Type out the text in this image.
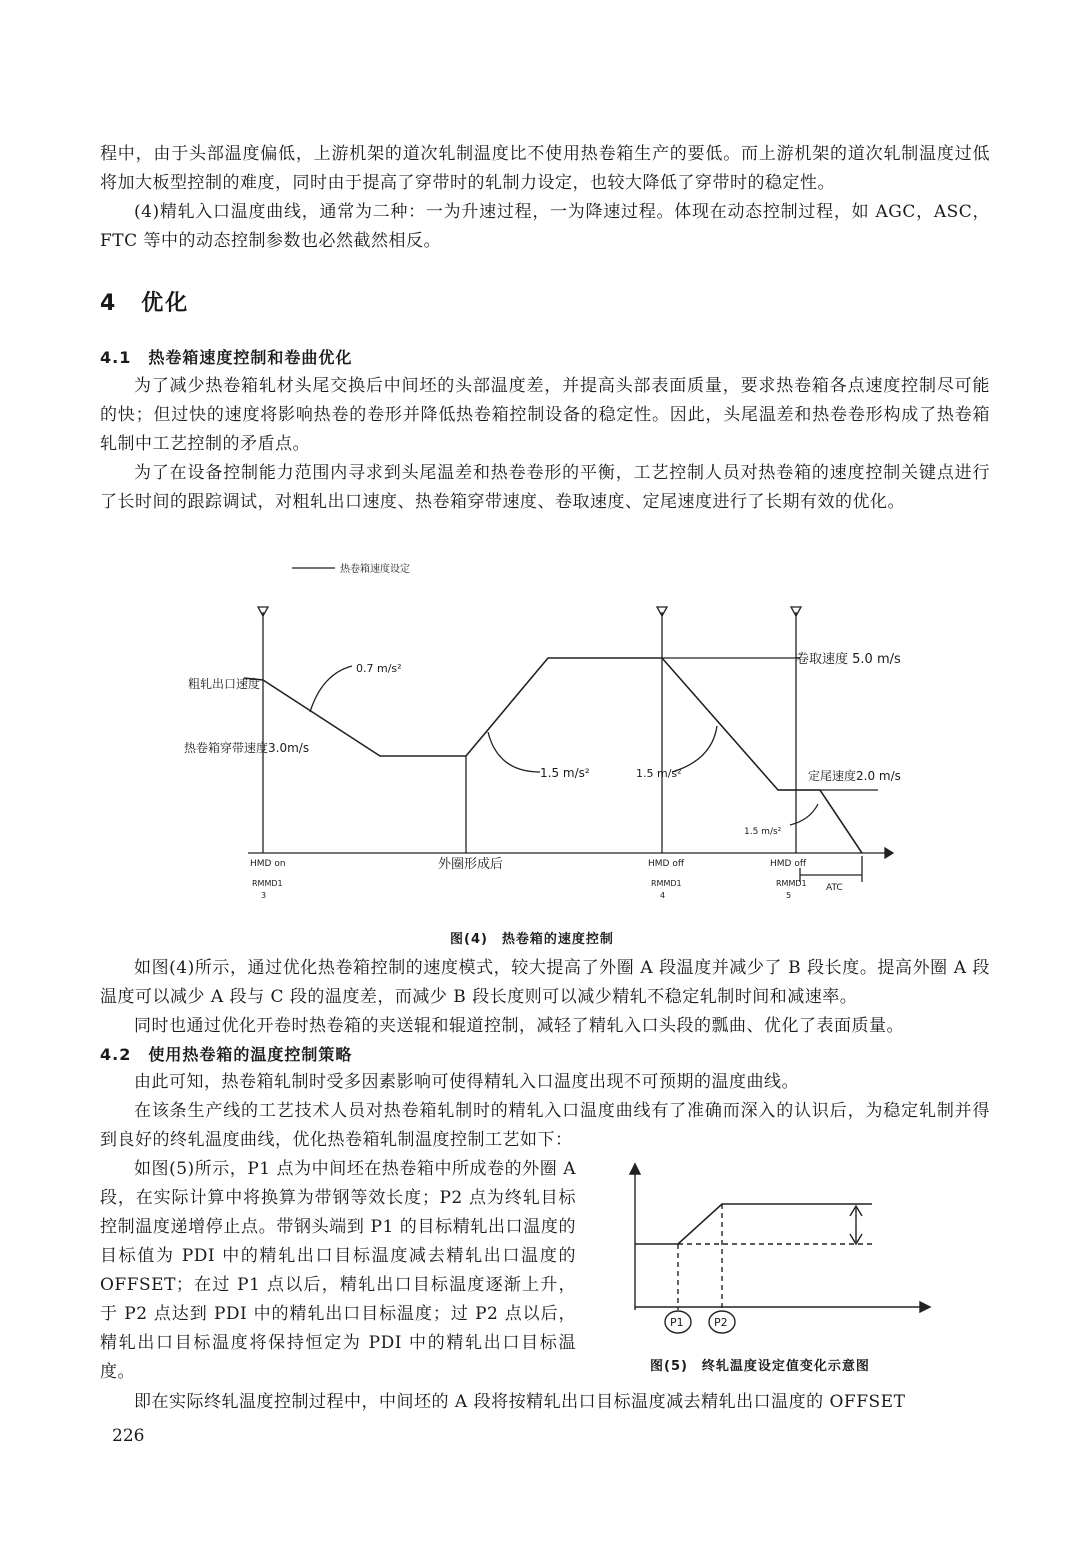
程中，由于头部温度偏低，上游机架的道次轧制温度比不使用热卷箱生产的要低。而上游机架的道次轧制温度过低将加大板型控制的难度，同时由于提高了穿带时的轧制力设定，也较大降低了穿带时的稳定性。
(4)精轧入口温度曲线，通常为二种：一为升速过程，一为降速过程。体现在动态控制过程，如 AGC，ASC，FTC 等中的动态控制参数也必然截然相反。
4　优化
4.1　热卷箱速度控制和卷曲优化
为了减少热卷箱轧材头尾交换后中间坯的头部温度差，并提高头部表面质量，要求热卷箱各点速度控制尽可能的快；但过快的速度将影响热卷的卷形并降低热卷箱控制设备的稳定性。因此，头尾温差和热卷卷形构成了热卷箱轧制中工艺控制的矛盾点。
为了在设备控制能力范围内寻求到头尾温差和热卷卷形的平衡，工艺控制人员对热卷箱的速度控制关键点进行了长时间的跟踪调试，对粗轧出口速度、热卷箱穿带速度、卷取速度、定尾速度进行了长期有效的优化。
热卷箱速度设定
粗轧出口速度
热卷箱穿带速度3.0m/s
0.7 m/s²
1.5 m/s²	1.5 m/s²
1.5 m/s²
卷取速度 5.0 m/s
定尾速度2.0 m/s
外圈形成后
HMD on	HMD off	HMD off
RMMD1	RMMD1	RMMD1
3	4	5
ATC
图(4)　热卷箱的速度控制
如图(4)所示，通过优化热卷箱控制的速度模式，较大提高了外圈 A 段温度并减少了 B 段长度。提高外圈 A 段温度可以减少 A 段与 C 段的温度差，而减少 B 段长度则可以减少精轧不稳定轧制时间和减速率。
同时也通过优化开卷时热卷箱的夹送辊和辊道控制，减轻了精轧入口头段的瓢曲、优化了表面质量。
4.2　使用热卷箱的温度控制策略
由此可知，热卷箱轧制时受多因素影响可使得精轧入口温度出现不可预期的温度曲线。
在该条生产线的工艺技术人员对热卷箱轧制时的精轧入口温度曲线有了准确而深入的认识后，为稳定轧制并得到良好的终轧温度曲线，优化热卷箱轧制温度控制工艺如下：
如图(5)所示，P1 点为中间坯在热卷箱中所成卷的外圈 A 段，在实际计算中将换算为带钢等效长度；P2 点为终轧目标控制温度递增停止点。带钢头端到 P1 的目标精轧出口温度的目标值为 PDI 中的精轧出口目标温度减去精轧出口温度的 OFFSET；在过 P1 点以后，精轧出口目标温度逐渐上升，于 P2 点达到 PDI 中的精轧出口目标温度；过 P2 点以后，精轧出口目标温度将保持恒定为 PDI 中的精轧出口目标温度。
P1	P2
图(5)　终轧温度设定值变化示意图
即在实际终轧温度控制过程中，中间坯的 A 段将按精轧出口目标温度减去精轧出口温度的 OFFSET
226
